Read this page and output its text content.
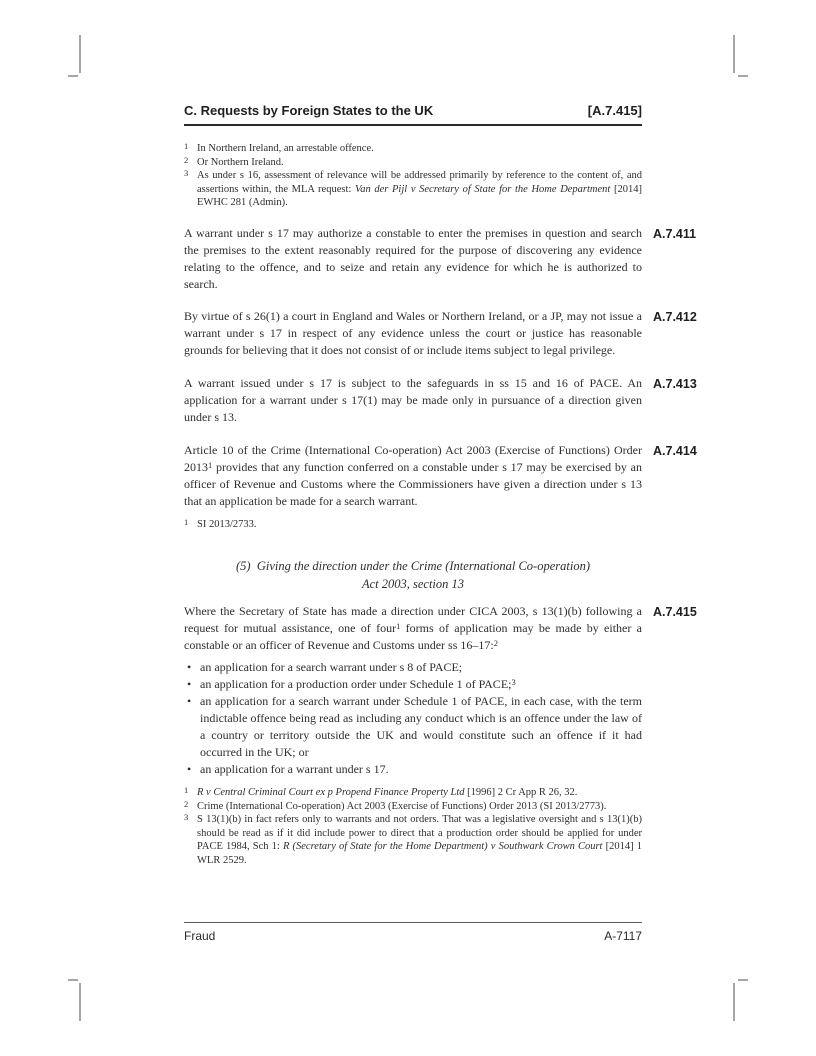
C. Requests by Foreign States to the UK	[A.7.415]
1 In Northern Ireland, an arrestable offence.
2 Or Northern Ireland.
3 As under s 16, assessment of relevance will be addressed primarily by reference to the content of, and assertions within, the MLA request: Van der Pijl v Secretary of State for the Home Department [2014] EWHC 281 (Admin).
A.7.411
A warrant under s 17 may authorize a constable to enter the premises in question and search the premises to the extent reasonably required for the purpose of discovering any evidence relating to the offence, and to seize and retain any evidence for which he is authorized to search.
A.7.412
By virtue of s 26(1) a court in England and Wales or Northern Ireland, or a JP, may not issue a warrant under s 17 in respect of any evidence unless the court or justice has reasonable grounds for believing that it does not consist of or include items subject to legal privilege.
A.7.413
A warrant issued under s 17 is subject to the safeguards in ss 15 and 16 of PACE. An application for a warrant under s 17(1) may be made only in pursuance of a direction given under s 13.
A.7.414
Article 10 of the Crime (International Co-operation) Act 2003 (Exercise of Functions) Order 2013$^1$ provides that any function conferred on a constable under s 17 may be exercised by an officer of Revenue and Customs where the Commissioners have given a direction under s 13 that an application be made for a search warrant.
1 SI 2013/2733.
(5)  Giving the direction under the Crime (International Co-operation)
Act 2003, section 13
A.7.415
Where the Secretary of State has made a direction under CICA 2003, s 13(1)(b) following a request for mutual assistance, one of four$^1$ forms of application may be made by either a constable or an officer of Revenue and Customs under ss 16–17:$^2$
• an application for a search warrant under s 8 of PACE;
• an application for a production order under Schedule 1 of PACE;$^3$
• an application for a search warrant under Schedule 1 of PACE, in each case, with the term indictable offence being read as including any conduct which is an offence under the law of a country or territory outside the UK and would constitute such an offence if it had occurred in the UK; or
• an application for a warrant under s 17.
1 R v Central Criminal Court ex p Propend Finance Property Ltd [1996] 2 Cr App R 26, 32.
2 Crime (International Co-operation) Act 2003 (Exercise of Functions) Order 2013 (SI 2013/2773).
3 S 13(1)(b) in fact refers only to warrants and not orders. That was a legislative oversight and s 13(1)(b) should be read as if it did include power to direct that a production order should be applied for under PACE 1984, Sch 1: R (Secretary of State for the Home Department) v Southwark Crown Court [2014] 1 WLR 2529.
Fraud	A-7117
